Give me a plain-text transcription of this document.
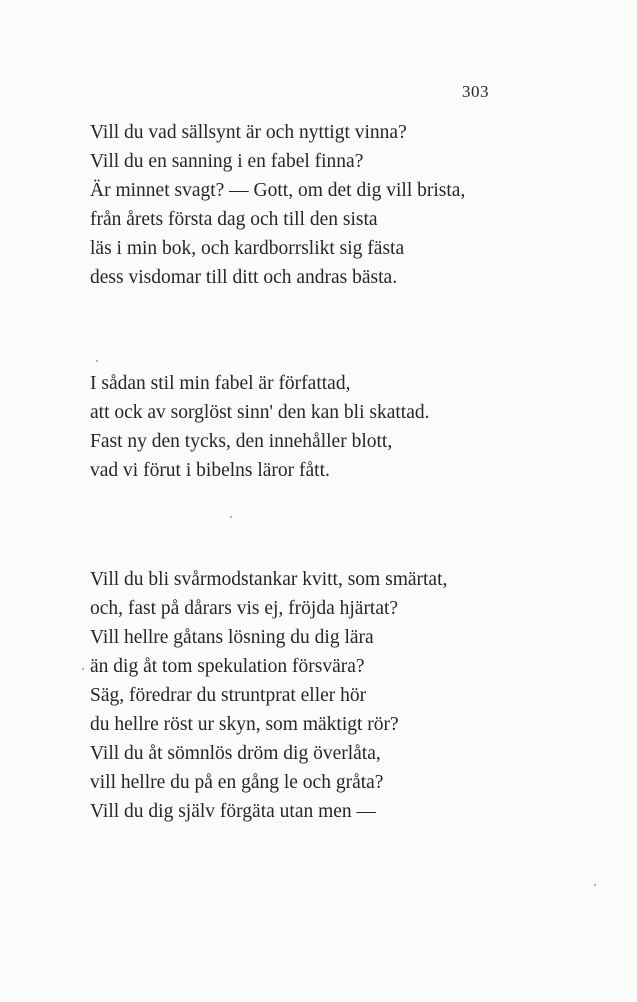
303
Vill du vad sällsynt är och nyttigt vinna?
Vill du en sanning i en fabel finna?
Är minnet svagt? — Gott, om det dig vill brista,
från årets första dag och till den sista
läs i min bok, och kardborrslikt sig fästa
dess visdomar till ditt och andras bästa.
I sådan stil min fabel är författad,
att ock av sorglöst sinn' den kan bli skattad.
Fast ny den tycks, den innehåller blott,
vad vi förut i bibelns läror fått.
Vill du bli svårmodstankar kvitt, som smärtat,
och, fast på dårars vis ej, fröjda hjärtat?
Vill hellre gåtans lösning du dig lära
än dig åt tom spekulation försvära?
Säg, föredrar du struntprat eller hör
du hellre röst ur skyn, som mäktigt rör?
Vill du åt sömnlös dröm dig överlåta,
vill hellre du på en gång le och gråta?
Vill du dig själv förgäta utan men —
